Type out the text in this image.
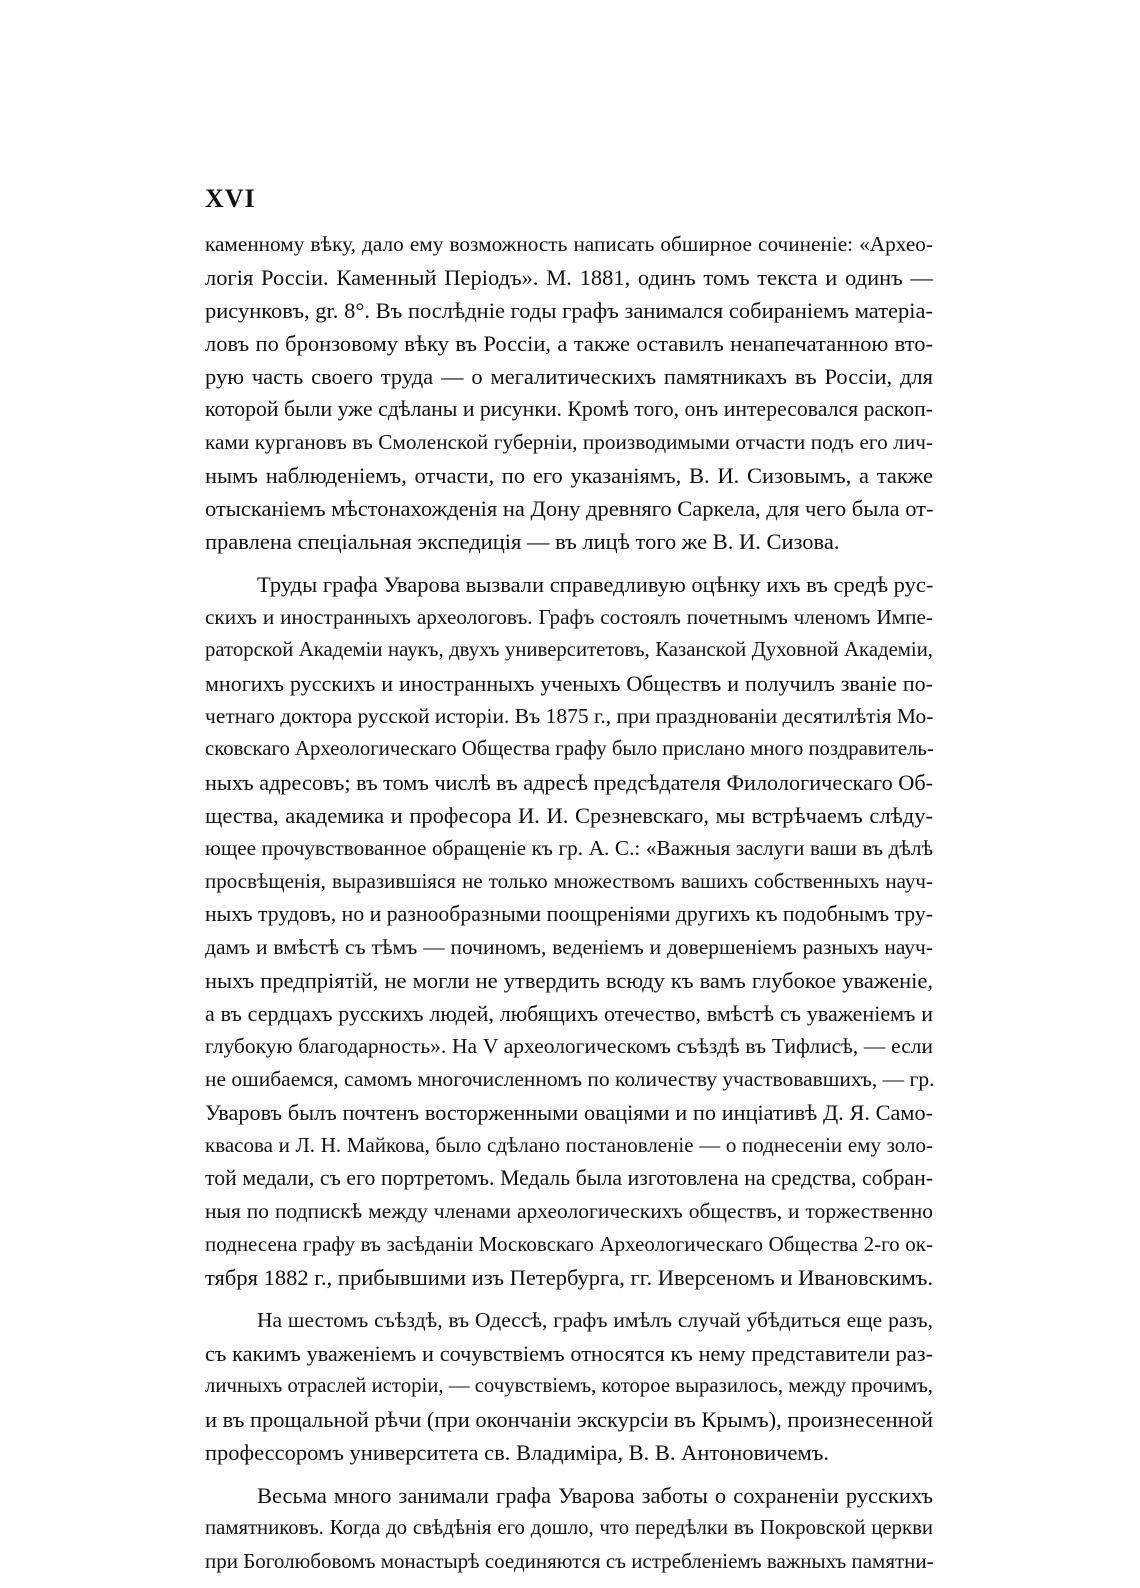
XVI

каменному вѣку, дало ему возможность написать обширное сочиненіе: «Архео-
логія Россіи. Каменный Періодъ». М. 1881, одинъ томъ текста и одинъ —
рисунковъ, gr. 8°. Въ послѣдніе годы графъ занимался собираніемъ матеріа-
ловъ по бронзовому вѣку въ Россіи, а также оставилъ ненапечатанною вто-
рую часть своего труда — о мегалитическихъ памятникахъ въ Россіи, для
которой были уже сдѣланы и рисунки. Кромѣ того, онъ интересовался раскоп-
ками кургановъ въ Смоленской губерніи, производимыми отчасти подъ его лич-
нымъ наблюденіемъ, отчасти, по его указаніямъ, В. И. Сизовымъ, а также
отысканіемъ мѣстонахожденія на Дону древняго Саркела, для чего была от-
правлена спеціальная экспедиція — въ лицѣ того же В. И. Сизова.

Труды графа Уварова вызвали справедливую оцѣнку ихъ въ средѣ рус-
скихъ и иностранныхъ археологовъ. Графъ состоялъ почетнымъ членомъ Импе-
раторской Академіи наукъ, двухъ университетовъ, Казанской Духовной Академіи,
многихъ русскихъ и иностранныхъ ученыхъ Обществъ и получилъ званіе по-
четнаго доктора русской исторіи. Въ 1875 г., при празднованіи десятилѣтія Мо-
сковскаго Археологическаго Общества графу было прислано много поздравитель-
ныхъ адресовъ; въ томъ числѣ въ адресѣ предсѣдателя Филологическаго Об-
щества, академика и професора И. И. Срезневскаго, мы встрѣчаемъ слѣду-
ющее прочувствованное обращеніе къ гр. А. С.: «Важныя заслуги ваши въ дѣлѣ
просвѣщенія, выразившіяся не только множествомъ вашихъ собственныхъ науч-
ныхъ трудовъ, но и разнообразными поощреніями другихъ къ подобнымъ тру-
дамъ и вмѣстѣ съ тѣмъ — починомъ, веденіемъ и довершеніемъ разныхъ науч-
ныхъ предпріятій, не могли не утвердить всюду къ вамъ глубокое уваженіе,
а въ сердцахъ русскихъ людей, любящихъ отечество, вмѣстѣ съ уваженіемъ и
глубокую благодарность». На V археологическомъ съѣздѣ въ Тифлисѣ, — если
не ошибаемся, самомъ многочисленномъ по количеству участвовавшихъ, — гр.
Уваровъ былъ почтенъ восторженными оваціями и по инціативѣ Д. Я. Само-
квасова и Л. Н. Майкова, было сдѣлано постановленіе — о поднесеніи ему золо-
той медали, съ его портретомъ. Медаль была изготовлена на средства, собран-
ныя по подпискѣ между членами археологическихъ обществъ, и торжественно
поднесена графу въ засѣданіи Московскаго Археологическаго Общества 2-го ок-
тября 1882 г., прибывшими изъ Петербурга, гг. Иверсеномъ и Ивановскимъ.

На шестомъ съѣздѣ, въ Одессѣ, графъ имѣлъ случай убѣдиться еще разъ,
съ какимъ уваженіемъ и сочувствіемъ относятся къ нему представители раз-
личныхъ отраслей исторіи, — сочувствіемъ, которое выразилось, между прочимъ,
и въ прощальной рѣчи (при окончаніи экскурсіи въ Крымъ), произнесенной
профессоромъ университета св. Владиміра, В. В. Антоновичемъ.

Весьма много занимали графа Уварова заботы о сохраненіи русскихъ
памятниковъ. Когда до свѣдѣнія его дошло, что передѣлки въ Покровской церкви
при Боголюбовомъ монастырѣ соединяются съ истребленіемъ важныхъ памятни-
